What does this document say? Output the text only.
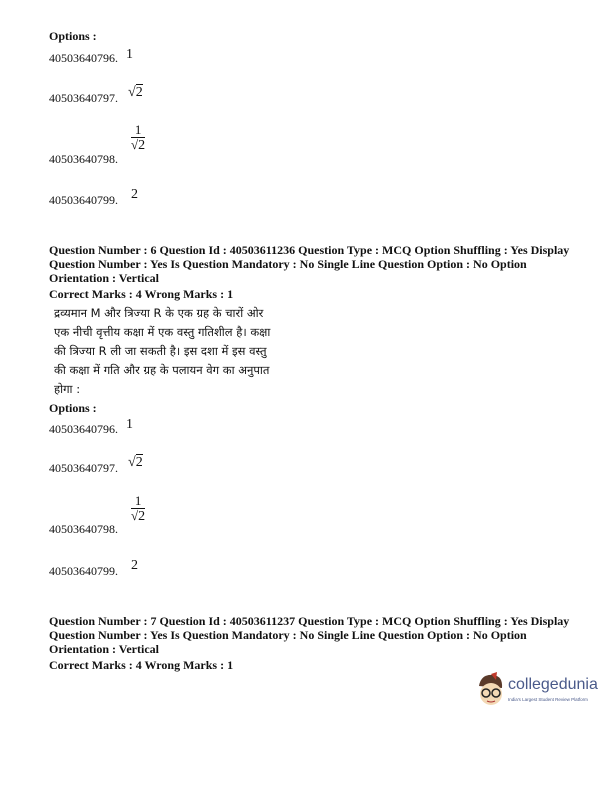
Options :
40503640796. 1
40503640797. √2
$\frac{1}{√2}$
40503640798.
40503640799. 2
Question Number : 6 Question Id : 40503611236 Question Type : MCQ Option Shuffling : Yes Display
Question Number : Yes Is Question Mandatory : No Single Line Question Option : No Option
Orientation : Vertical
Correct Marks : 4 Wrong Marks : 1
द्रव्यमान M और त्रिज्या R के एक ग्रह के चारों ओर
एक नीची वृत्तीय कक्षा में एक वस्तु गतिशील है। कक्षा
की त्रिज्या R ली जा सकती है। इस दशा में इस वस्तु
की कक्षा में गति और ग्रह के पलायन वेग का अनुपात
होगा :
Options :
40503640796. 1
40503640797. √2
$\frac{1}{√2}$
40503640798.
40503640799. 2
Question Number : 7 Question Id : 40503611237 Question Type : MCQ Option Shuffling : Yes Display
Question Number : Yes Is Question Mandatory : No Single Line Question Option : No Option
Orientation : Vertical
Correct Marks : 4 Wrong Marks : 1
collegedunia
India's Largest Student Review Platform
